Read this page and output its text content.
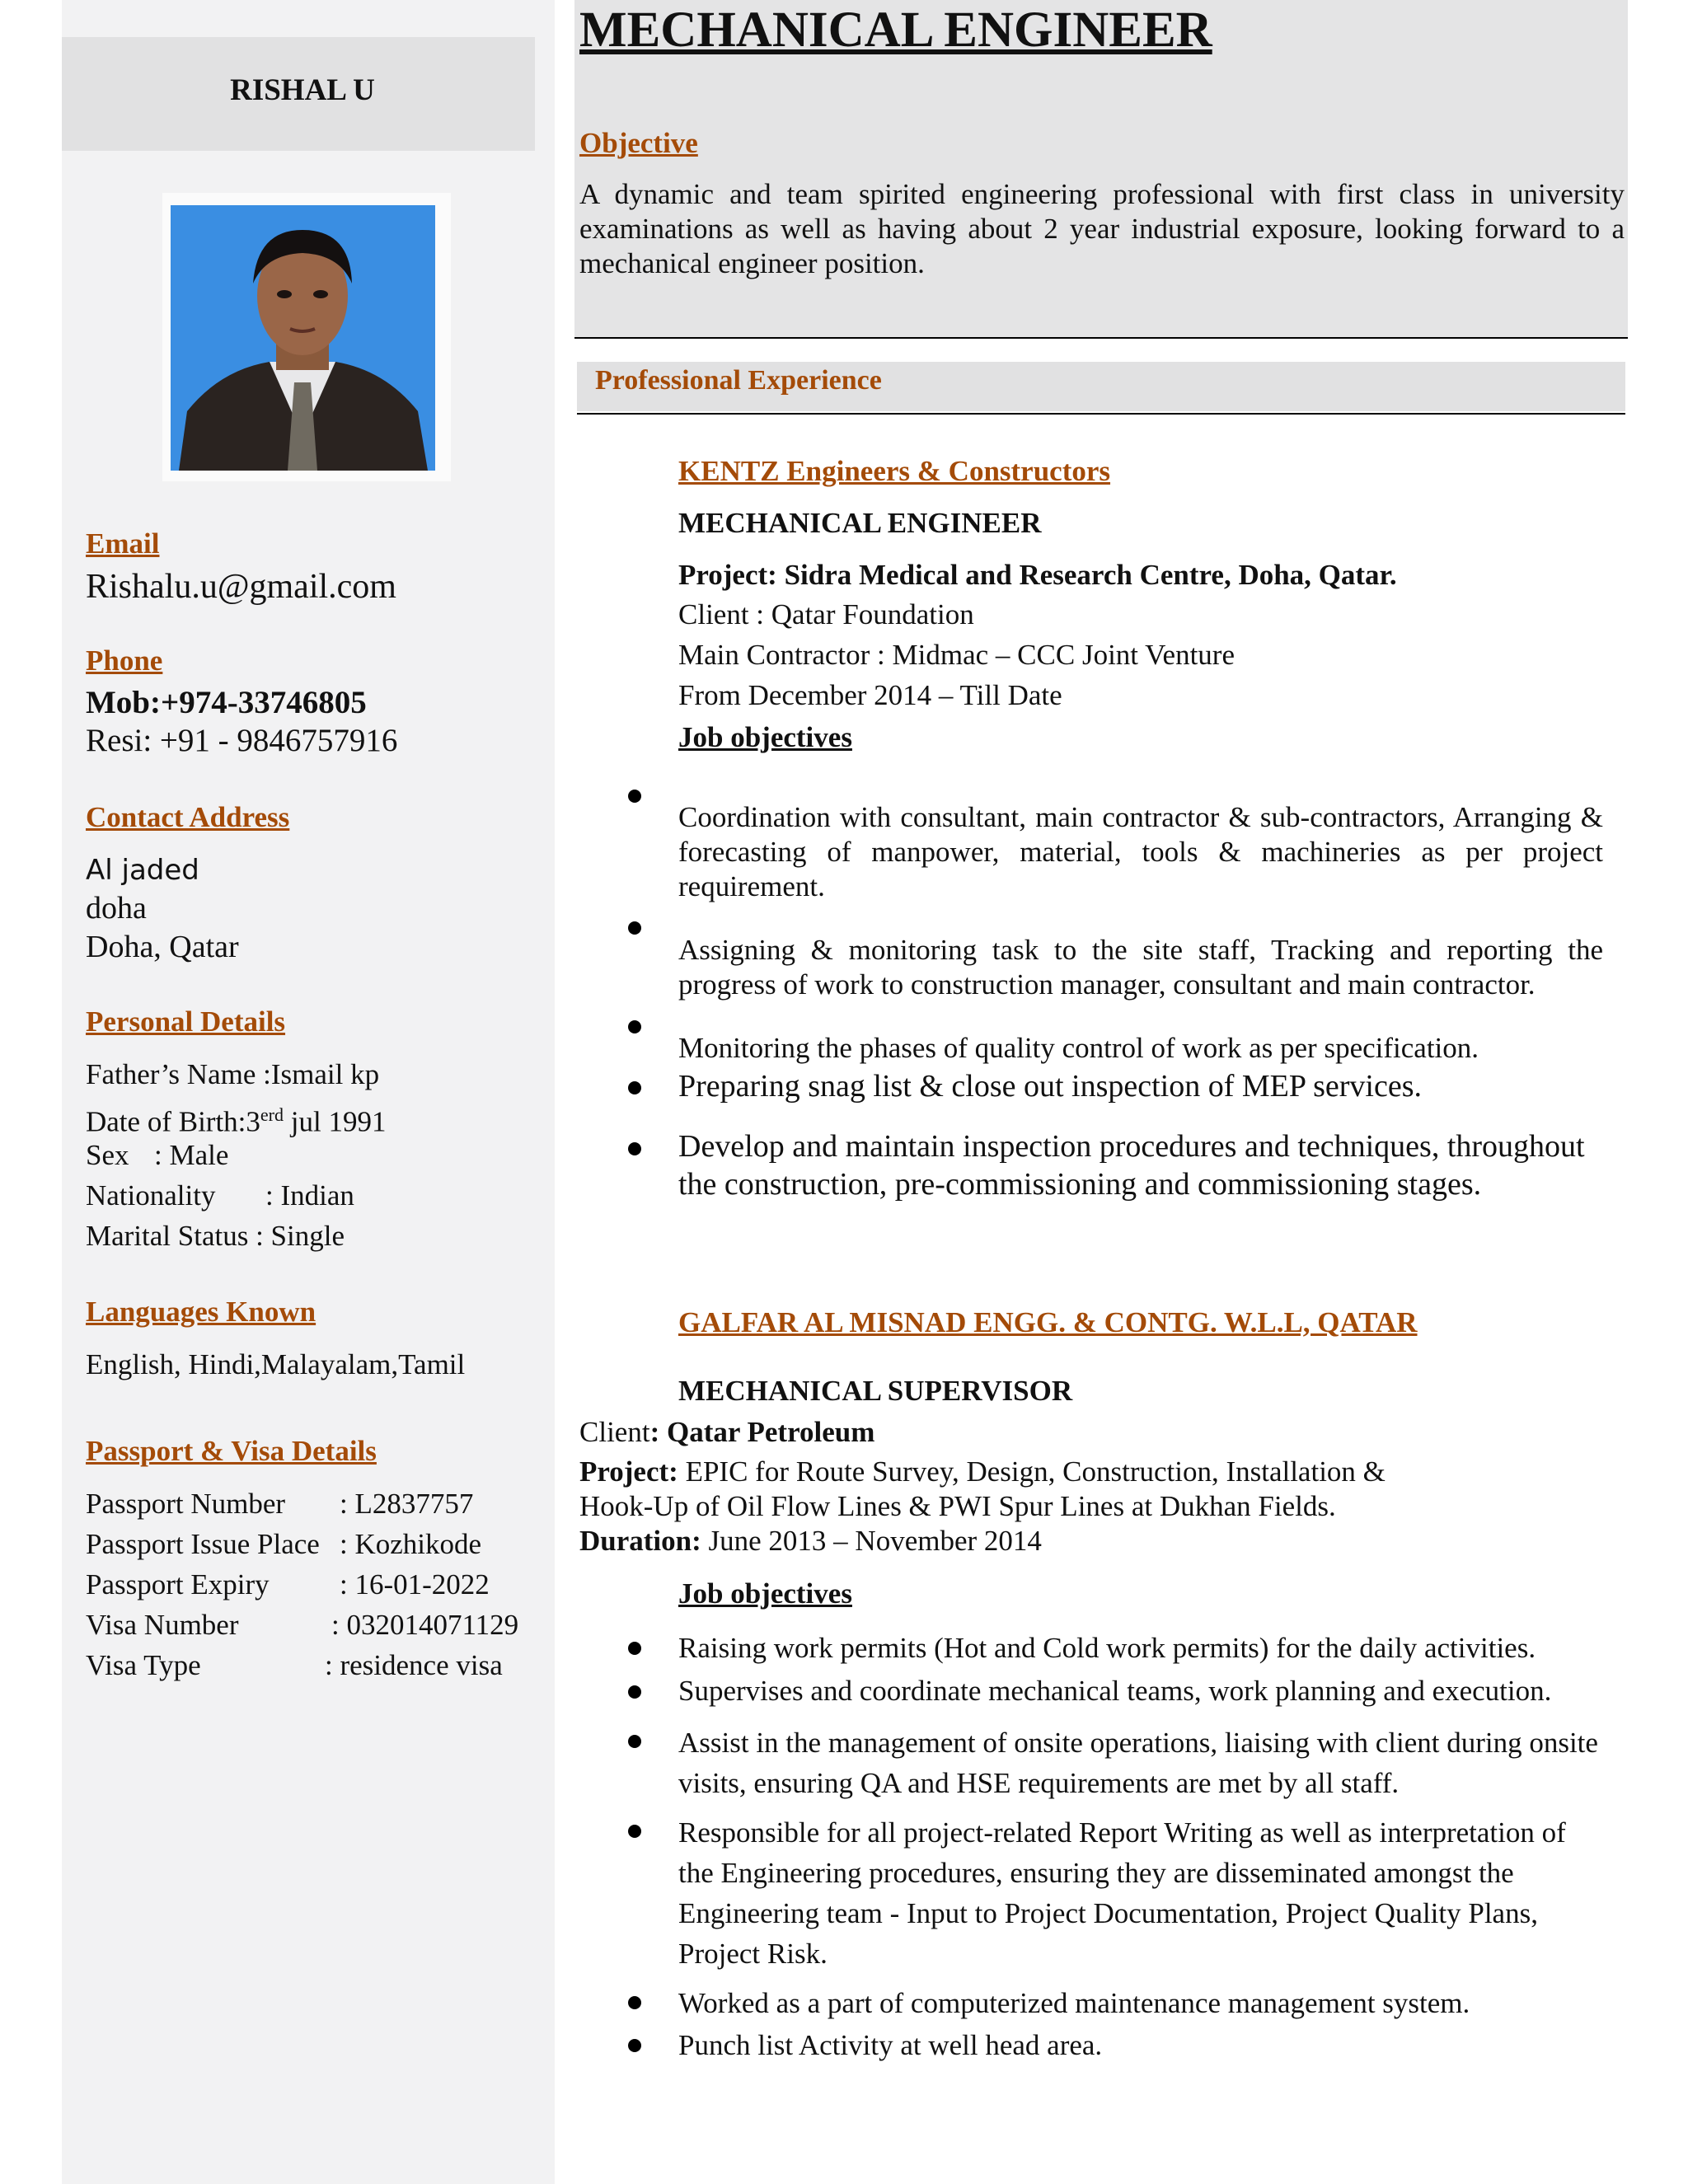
RISHAL U
Email
Rishalu.u@gmail.com
Phone
Mob:+974-33746805
Resi: +91 - 9846757916
Contact Address
Al jaded
doha
Doha, Qatar
Personal Details
Father’s Name :Ismail kp
Date of $Birth:3^{erd}$ jul 1991
Sex : Male
Nationality : Indian
Marital Status : Single
Languages Known
English, Hindi,Malayalam,Tamil
Passport & Visa Details
Passport Number : L2837757
Passport Issue Place : Kozhikode
Passport Expiry : 16-01-2022
Visa Number	: 032014071129
Visa Type	: residence visa
MECHANICAL ENGINEER
Objective
A dynamic and team spirited engineering professional with first class in university examinations as well as having about 2 year industrial exposure, looking forward to a mechanical engineer position.
Professional Experience
KENTZ Engineers & Constructors
MECHANICAL ENGINEER
Project: Sidra Medical and Research Centre, Doha, Qatar.
Client : Qatar Foundation
Main Contractor : Midmac – CCC Joint Venture
From December 2014 – Till Date
Job objectives
Coordination with consultant, main contractor & sub-contractors, Arranging & forecasting of manpower, material, tools & machineries as per project requirement.
Assigning & monitoring task to the site staff, Tracking and reporting the progress of work to construction manager, consultant and main contractor.
Monitoring the phases of quality control of work as per specification.
Preparing snag list & close out inspection of MEP services.
Develop and maintain inspection procedures and techniques, throughout the construction, pre-commissioning and commissioning stages.
GALFAR AL MISNAD ENGG. & CONTG. W.L.L, QATAR
MECHANICAL SUPERVISOR
Client: Qatar Petroleum
Project: EPIC for Route Survey, Design, Construction, Installation & Hook-Up of Oil Flow Lines & PWI Spur Lines at Dukhan Fields.
Duration: June 2013 – November 2014
Job objectives
Raising work permits (Hot and Cold work permits) for the daily activities.
Supervises and coordinate mechanical teams, work planning and execution.
Assist in the management of onsite operations, liaising with client during onsite visits, ensuring QA and HSE requirements are met by all staff.
Responsible for all project-related Report Writing as well as interpretation of the Engineering procedures, ensuring they are disseminated amongst the Engineering team - Input to Project Documentation, Project Quality Plans, Project Risk.
Worked as a part of computerized maintenance management system.
Punch list Activity at well head area.
